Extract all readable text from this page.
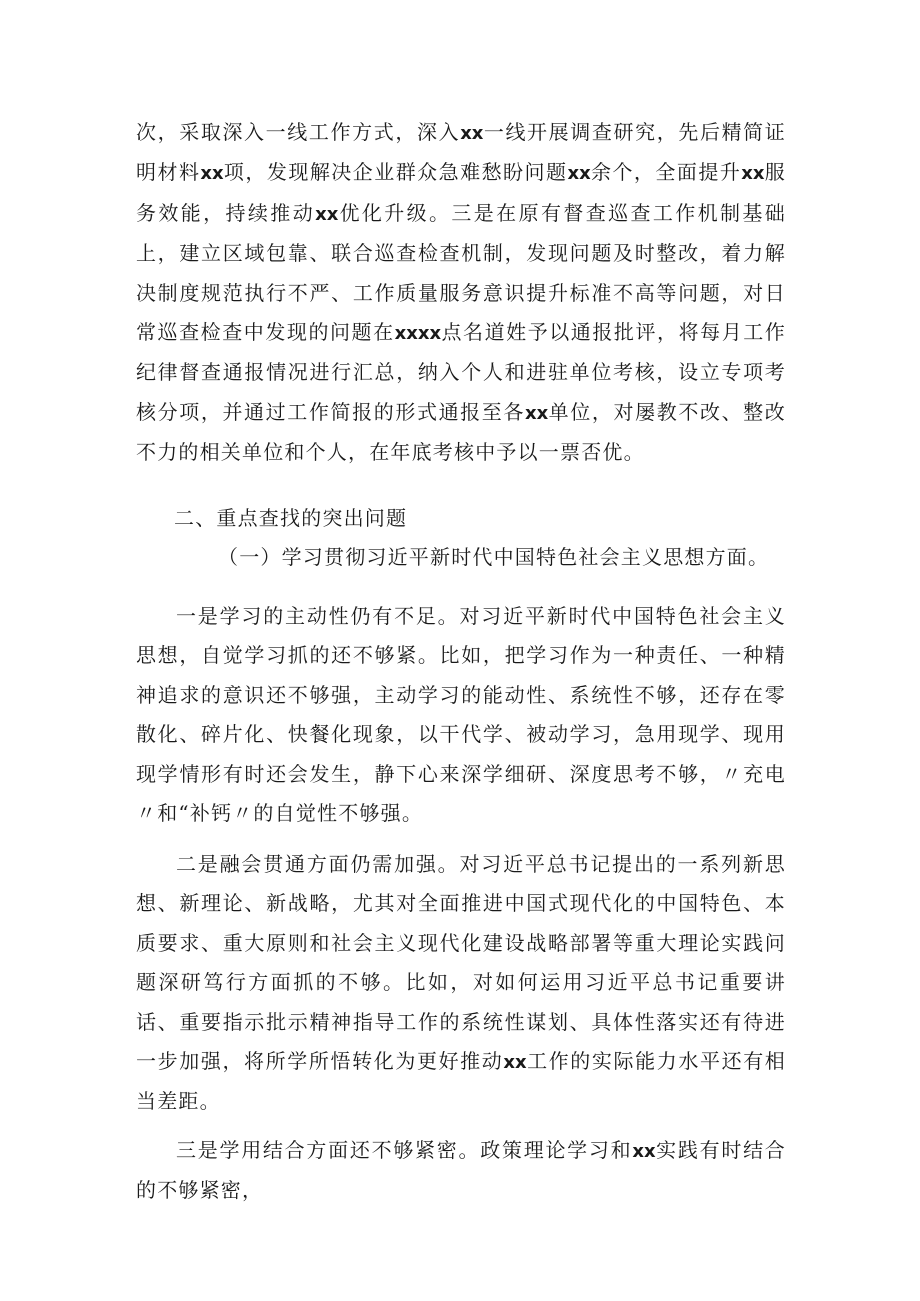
次，采取深入一线工作方式，深入xx一线开展调查研究，先后精简证明材料xx项，发现解决企业群众急难愁盼问题xx余个，全面提升xx服务效能，持续推动xx优化升级。三是在原有督查巡查工作机制基础上，建立区域包靠、联合巡查检查机制，发现问题及时整改，着力解决制度规范执行不严、工作质量服务意识提升标准不高等问题，对日常巡查检查中发现的问题在xxxx点名道姓予以通报批评，将每月工作纪律督查通报情况进行汇总，纳入个人和进驻单位考核，设立专项考核分项，并通过工作简报的形式通报至各xx单位，对屡教不改、整改不力的相关单位和个人，在年底考核中予以一票否优。

二、重点查找的突出问题

（一）学习贯彻习近平新时代中国特色社会主义思想方面。

一是学习的主动性仍有不足。对习近平新时代中国特色社会主义思想，自觉学习抓的还不够紧。比如，把学习作为一种责任、一种精神追求的意识还不够强，主动学习的能动性、系统性不够，还存在零散化、碎片化、快餐化现象，以干代学、被动学习，急用现学、现用现学情形有时还会发生，静下心来深学细研、深度思考不够，〃充电〃和“补钙〃的自觉性不够强。

二是融会贯通方面仍需加强。对习近平总书记提出的一系列新思想、新理论、新战略，尤其对全面推进中国式现代化的中国特色、本质要求、重大原则和社会主义现代化建设战略部署等重大理论实践问题深研笃行方面抓的不够。比如，对如何运用习近平总书记重要讲话、重要指示批示精神指导工作的系统性谋划、具体性落实还有待进一步加强，将所学所悟转化为更好推动xx工作的实际能力水平还有相当差距。

三是学用结合方面还不够紧密。政策理论学习和xx实践有时结合的不够紧密，
